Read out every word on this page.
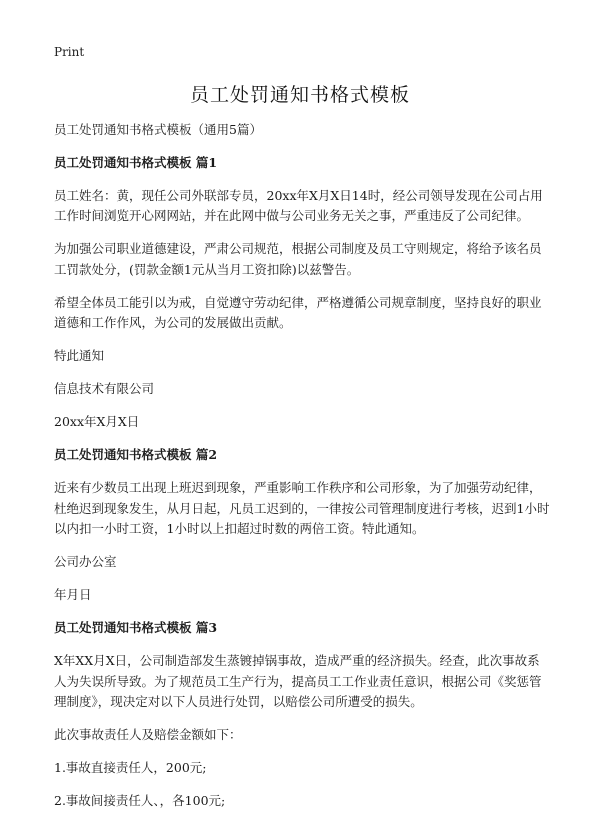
Print
员工处罚通知书格式模板

员工处罚通知书格式模板（通用5篇）

员工处罚通知书格式模板 篇1

员工姓名：黄，现任公司外联部专员，20xx年X月X日14时，经公司领导发现在公司占用工作时间浏览开心网网站，并在此网中做与公司业务无关之事，严重违反了公司纪律。

为加强公司职业道德建设，严肃公司规范，根据公司制度及员工守则规定，将给予该名员工罚款处分，(罚款金额1元从当月工资扣除)以兹警告。

希望全体员工能引以为戒，自觉遵守劳动纪律，严格遵循公司规章制度，坚持良好的职业道德和工作作风，为公司的发展做出贡献。

特此通知

信息技术有限公司

20xx年X月X日

员工处罚通知书格式模板 篇2

近来有少数员工出现上班迟到现象，严重影响工作秩序和公司形象，为了加强劳动纪律，杜绝迟到现象发生，从月日起，凡员工迟到的，一律按公司管理制度进行考核，迟到1小时以内扣一小时工资，1小时以上扣超过时数的两倍工资。特此通知。

公司办公室

年月日

员工处罚通知书格式模板 篇3

X年XX月X日，公司制造部发生蒸镀掉锅事故，造成严重的经济损失。经查，此次事故系人为失误所导致。为了规范员工生产行为，提高员工工作业责任意识，根据公司《奖惩管理制度》，现决定对以下人员进行处罚，以赔偿公司所遭受的损失。

此次事故责任人及赔偿金额如下：

1.事故直接责任人，200元;

2.事故间接责任人、，各100元;
